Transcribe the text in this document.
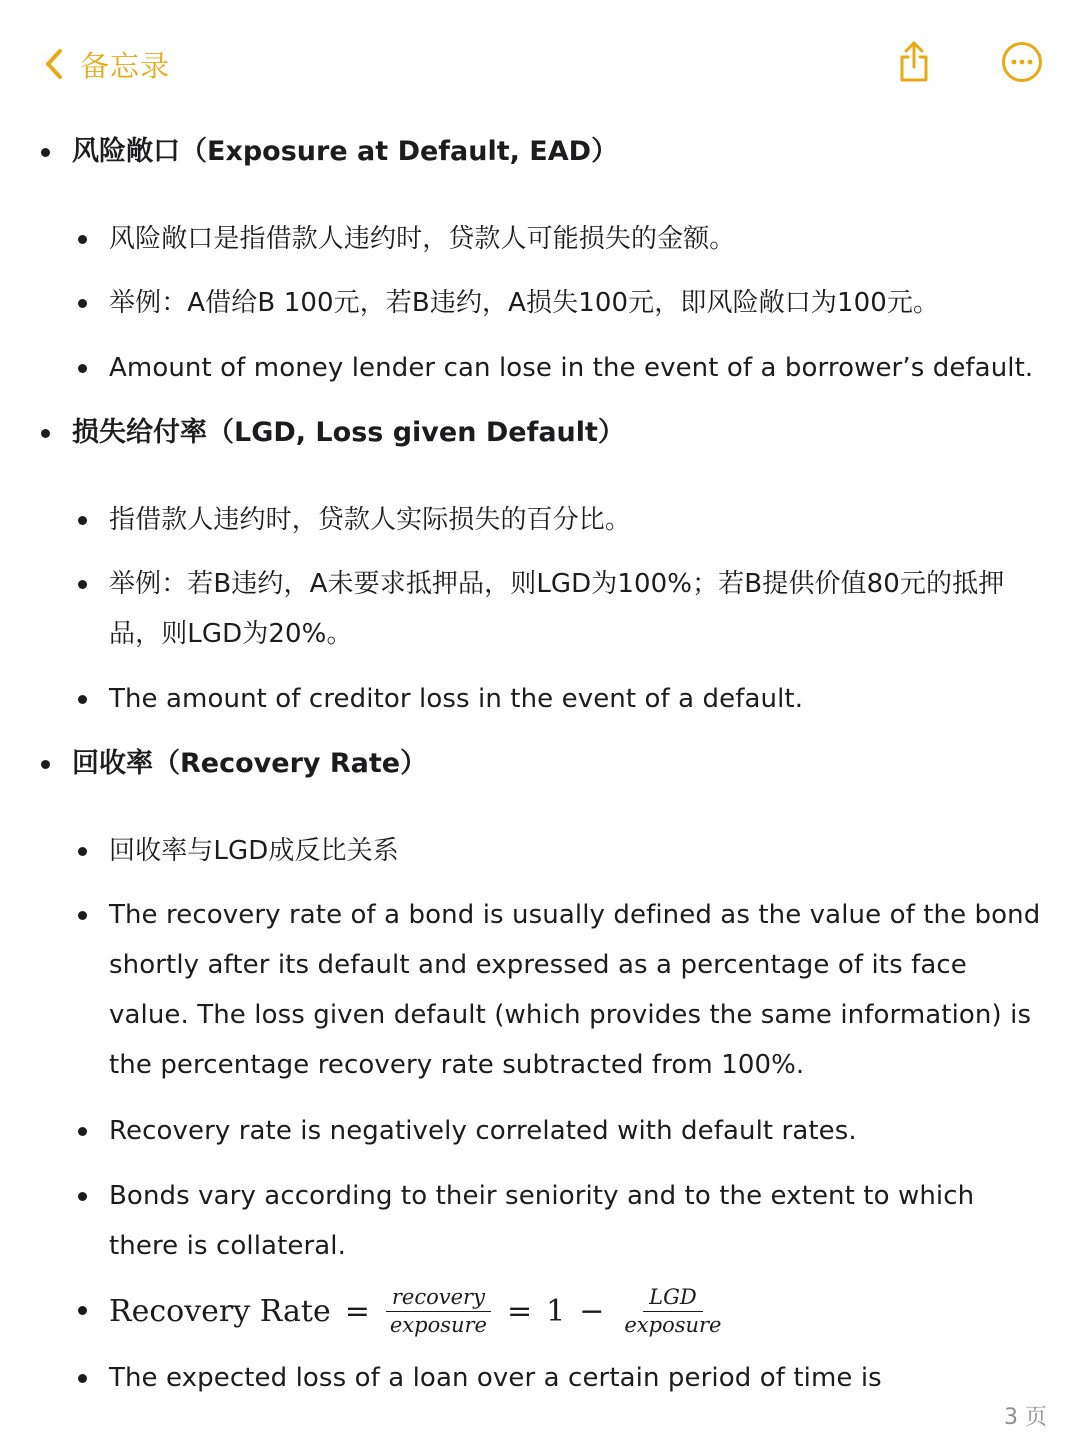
备忘录
风险敞口（Exposure at Default, EAD）
风险敞口是指借款人违约时，贷款人可能损失的金额。
举例：A借给B 100元，若B违约，A损失100元，即风险敞口为100元。
Amount of money lender can lose in the event of a borrower’s default.
损失给付率（LGD, Loss given Default）
指借款人违约时，贷款人实际损失的百分比。
举例：若B违约，A未要求抵押品，则LGD为100%；若B提供价值80元的抵押品，则LGD为20%。
The amount of creditor loss in the event of a default.
回收率（Recovery Rate）
回收率与LGD成反比关系
The recovery rate of a bond is usually defined as the value of the bond shortly after its default and expressed as a percentage of its face value. The loss given default (which provides the same information) is the percentage recovery rate subtracted from 100%.
Recovery rate is negatively correlated with default rates.
Bonds vary according to their seniority and to the extent to which there is collateral.
Recovery Rate = $\frac{\text{recovery}}{\text{exposure}} = 1 - \frac{\text{LGD}}{\text{exposure}}$
The expected loss of a loan over a certain period of time is
3 页
